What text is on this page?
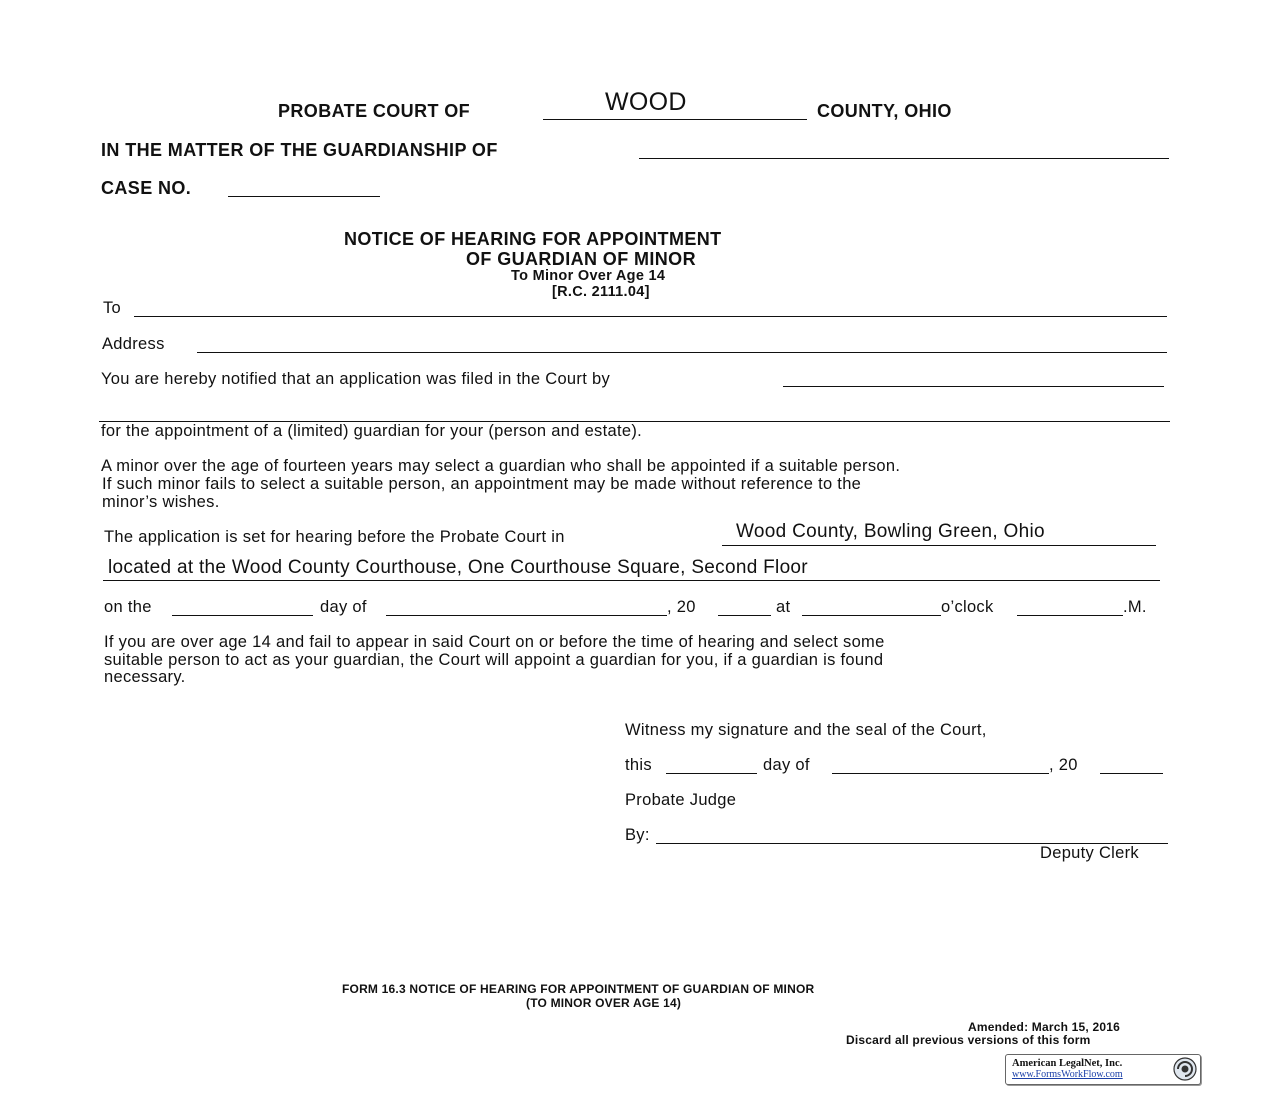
PROBATE COURT OF	WOOD	COUNTY, OHIO
IN THE MATTER OF THE GUARDIANSHIP OF
CASE NO.
NOTICE OF HEARING FOR APPOINTMENT
OF GUARDIAN OF MINOR
To Minor Over Age 14
[R.C. 2111.04]
To
Address
You are hereby notified that an application was filed in the Court by
for the appointment of a (limited) guardian for your (person and estate).
A minor over the age of fourteen years may select a guardian who shall be appointed if a suitable person.
If such minor fails to select a suitable person, an appointment may be made without reference to the
minor’s wishes.
The application is set for hearing before the Probate Court in	Wood County, Bowling Green, Ohio
located at the Wood County Courthouse, One Courthouse Square, Second Floor
on the	day of	, 20	at	o’clock	.M.
If you are over age 14 and fail to appear in said Court on or before the time of hearing and select some
suitable person to act as your guardian, the Court will appoint a guardian for you, if a guardian is found
necessary.
Witness my signature and the seal of the Court,
this	day of	, 20
Probate Judge
By:
Deputy Clerk
FORM 16.3 NOTICE OF HEARING FOR APPOINTMENT OF GUARDIAN OF MINOR
(TO MINOR OVER AGE 14)
Amended: March 15, 2016
Discard all previous versions of this form
American LegalNet, Inc.
www.FormsWorkFlow.com
